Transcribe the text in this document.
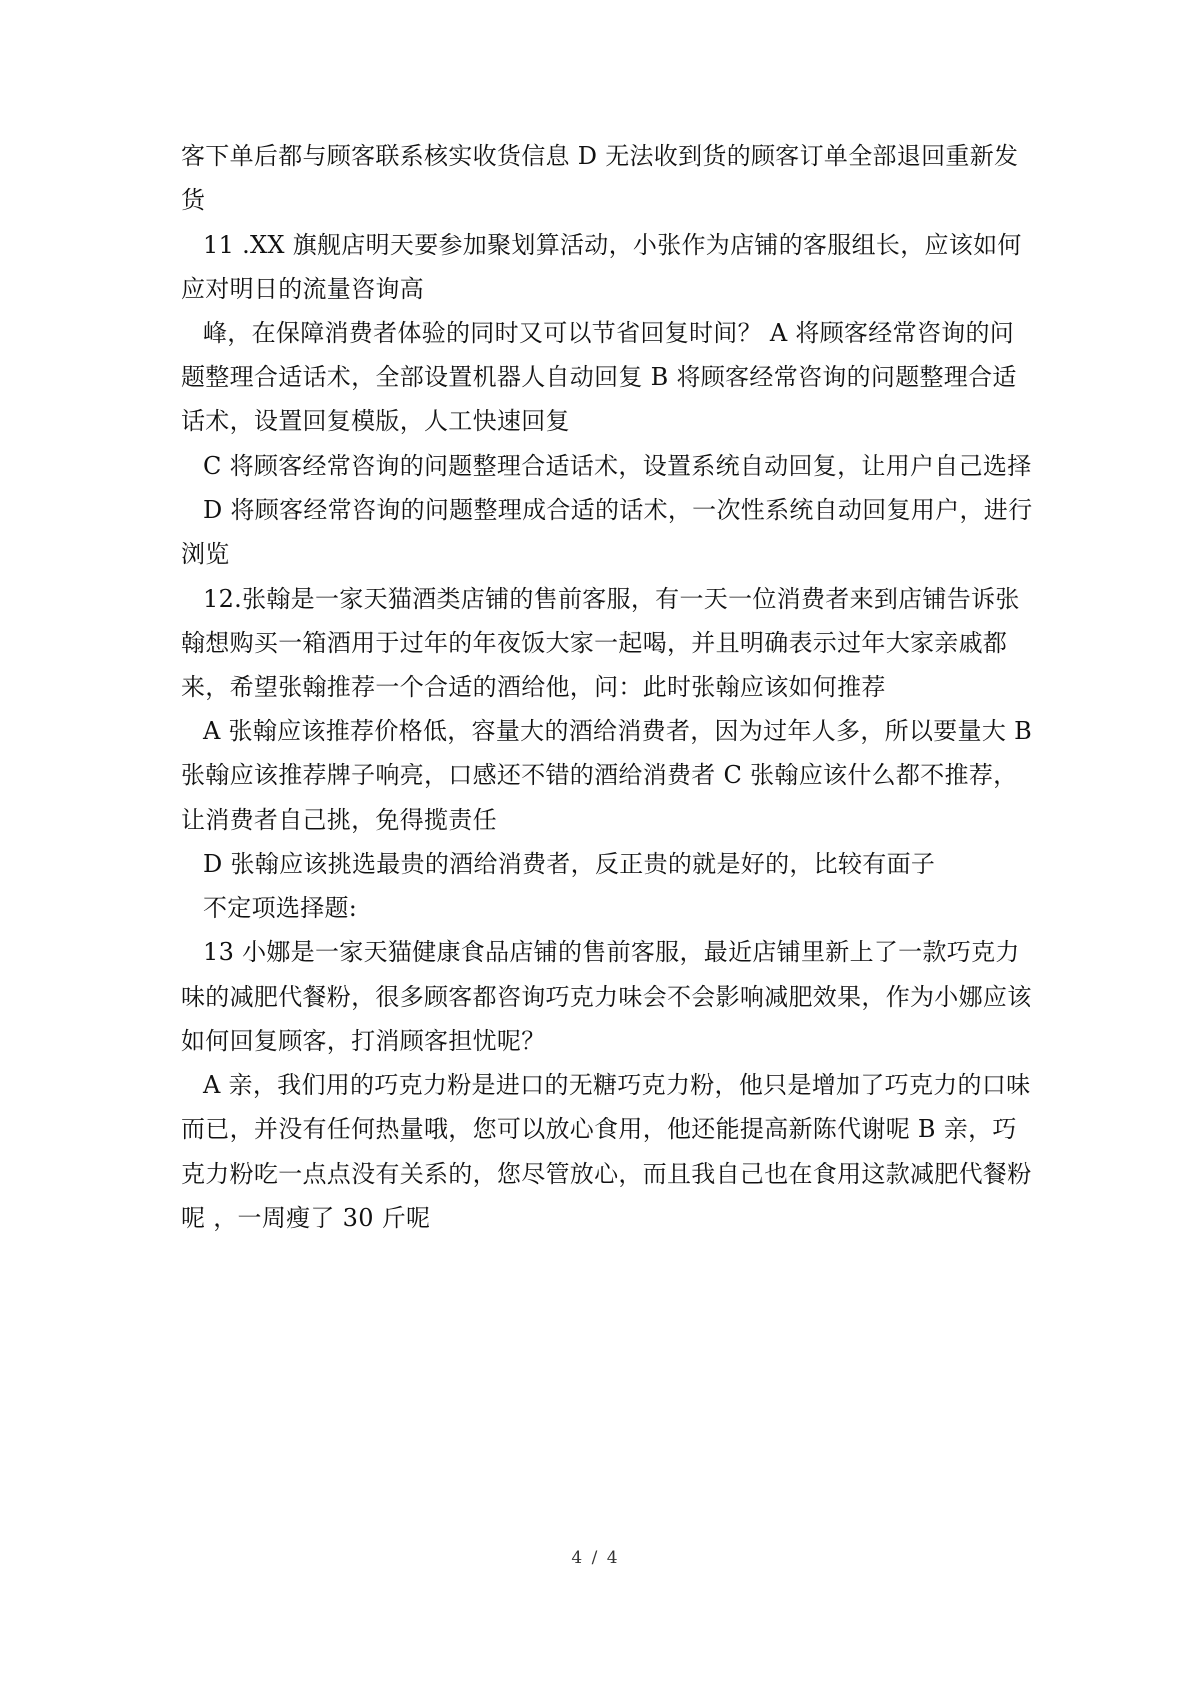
客下单后都与顾客联系核实收货信息 D 无法收到货的顾客订单全部退回重新发
货
11 .XX 旗舰店明天要参加聚划算活动，小张作为店铺的客服组长，应该如何
应对明日的流量咨询高
峰，在保障消费者体验的同时又可以节省回复时间？ A 将顾客经常咨询的问
题整理合适话术，全部设置机器人自动回复 B 将顾客经常咨询的问题整理合适
话术，设置回复模版，人工快速回复
C 将顾客经常咨询的问题整理合适话术，设置系统自动回复，让用户自己选择
D 将顾客经常咨询的问题整理成合适的话术，一次性系统自动回复用户，进行
浏览
12.张翰是一家天猫酒类店铺的售前客服，有一天一位消费者来到店铺告诉张
翰想购买一箱酒用于过年的年夜饭大家一起喝，并且明确表示过年大家亲戚都
来，希望张翰推荐一个合适的酒给他，问：此时张翰应该如何推荐
A 张翰应该推荐价格低，容量大的酒给消费者，因为过年人多，所以要量大 B
张翰应该推荐牌子响亮，口感还不错的酒给消费者 C 张翰应该什么都不推荐，
让消费者自己挑，免得揽责任
D 张翰应该挑选最贵的酒给消费者，反正贵的就是好的，比较有面子
不定项选择题:
13 小娜是一家天猫健康食品店铺的售前客服，最近店铺里新上了一款巧克力
味的减肥代餐粉，很多顾客都咨询巧克力味会不会影响减肥效果，作为小娜应该
如何回复顾客，打消顾客担忧呢？
A 亲，我们用的巧克力粉是进口的无糖巧克力粉，他只是增加了巧克力的口味
而已，并没有任何热量哦，您可以放心食用，他还能提高新陈代谢呢 B 亲，巧
克力粉吃一点点没有关系的，您尽管放心，而且我自己也在食用这款减肥代餐粉
呢 ，一周瘦了 30 斤呢
4 / 4
